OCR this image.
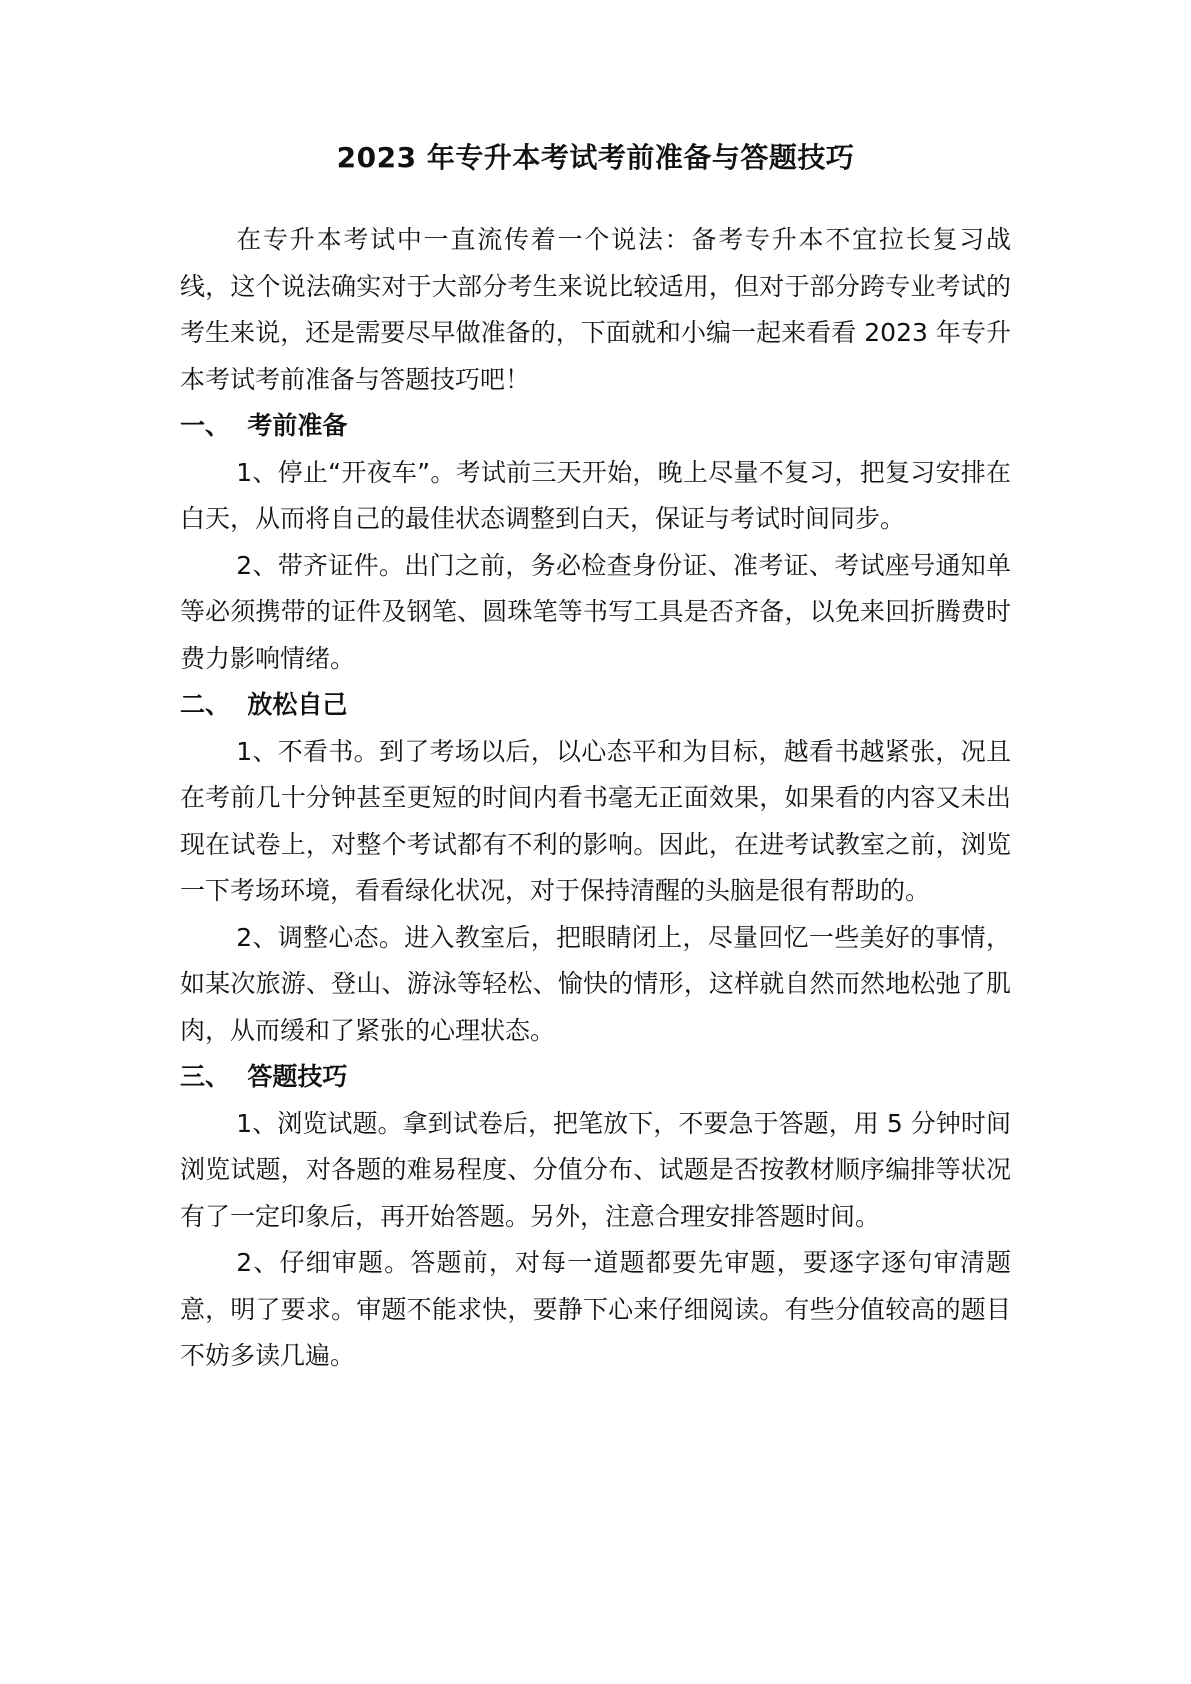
2023 年专升本考试考前准备与答题技巧

在专升本考试中一直流传着一个说法：备考专升本不宜拉长复习战线，这个说法确实对于大部分考生来说比较适用，但对于部分跨专业考试的考生来说，还是需要尽早做准备的，下面就和小编一起来看看 2023 年专升本考试考前准备与答题技巧吧！

一、  考前准备

1、停止“开夜车”。考试前三天开始，晚上尽量不复习，把复习安排在白天，从而将自己的最佳状态调整到白天，保证与考试时间同步。

2、带齐证件。出门之前，务必检查身份证、准考证、考试座号通知单等必须携带的证件及钢笔、圆珠笔等书写工具是否齐备，以免来回折腾费时费力影响情绪。

二、  放松自己

1、不看书。到了考场以后，以心态平和为目标，越看书越紧张，况且在考前几十分钟甚至更短的时间内看书毫无正面效果，如果看的内容又未出现在试卷上，对整个考试都有不利的影响。因此，在进考试教室之前，浏览一下考场环境，看看绿化状况，对于保持清醒的头脑是很有帮助的。

2、调整心态。进入教室后，把眼睛闭上，尽量回忆一些美好的事情，如某次旅游、登山、游泳等轻松、愉快的情形，这样就自然而然地松弛了肌肉，从而缓和了紧张的心理状态。

三、  答题技巧

1、浏览试题。拿到试卷后，把笔放下，不要急于答题，用 5 分钟时间浏览试题，对各题的难易程度、分值分布、试题是否按教材顺序编排等状况有了一定印象后，再开始答题。另外，注意合理安排答题时间。

2、仔细审题。答题前，对每一道题都要先审题，要逐字逐句审清题意，明了要求。审题不能求快，要静下心来仔细阅读。有些分值较高的题目不妨多读几遍。
